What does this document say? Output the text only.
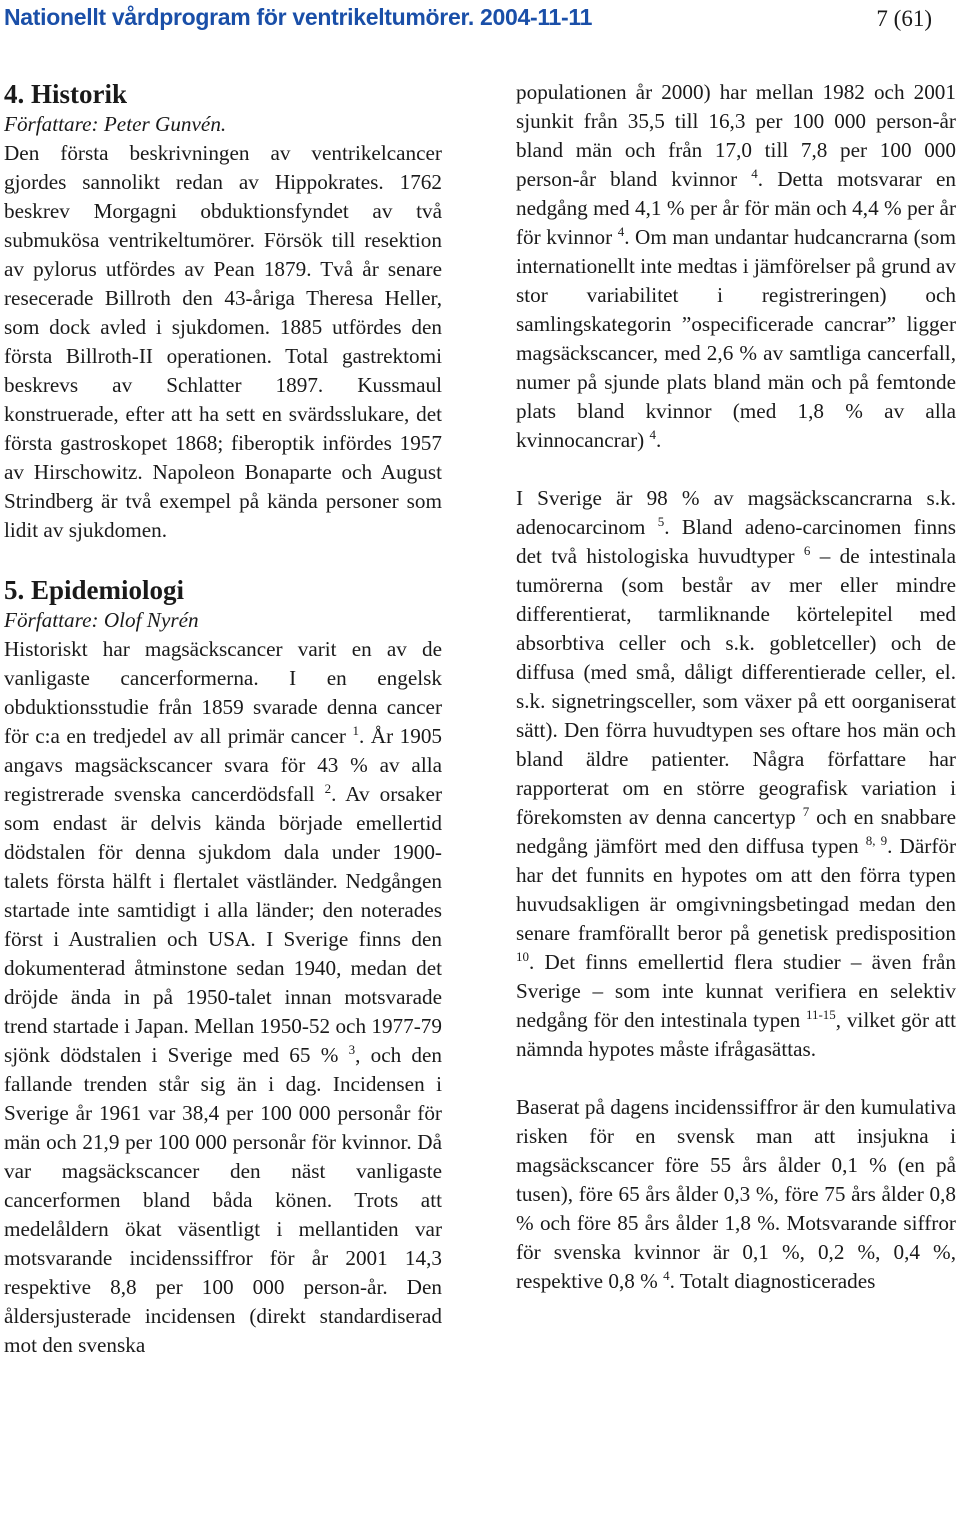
Nationellt vårdprogram för ventrikeltumörer. 2004-11-11	7 (61)

4. Historik

Författare: Peter Gunvén.

Den första beskrivningen av ventrikelcancer gjordes sannolikt redan av Hippokrates. 1762 beskrev Morgagni obduktionsfyndet av två submukösa ventrikeltumörer. Försök till resektion av pylorus utfördes av Pean 1879. Två år senare resecerade Billroth den 43-åriga Theresa Heller, som dock avled i sjukdomen. 1885 utfördes den första Billroth-II operationen. Total gastrektomi beskrevs av Schlatter 1897. Kussmaul konstruerade, efter att ha sett en svärdsslukare, det första gastroskopet 1868; fiberoptik infördes 1957 av Hirschowitz. Napoleon Bonaparte och August Strindberg är två exempel på kända personer som lidit av sjukdomen.

5. Epidemiologi

Författare: Olof Nyrén

Historiskt har magsäckscancer varit en av de vanligaste cancerformerna. I en engelsk obduktionsstudie från 1859 svarade denna cancer för c:a en tredjedel av all primär cancer $^1$. År 1905 angavs magsäckscancer svara för 43 % av alla registrerade svenska cancerdödsfall $^2$. Av orsaker som endast är delvis kända började emellertid dödstalen för denna sjukdom dala under 1900-talets första hälft i flertalet västländer. Nedgången startade inte samtidigt i alla länder; den noterades först i Australien och USA. I Sverige finns den dokumenterad åtminstone sedan 1940, medan det dröjde ända in på 1950-talet innan motsvarade trend startade i Japan. Mellan 1950-52 och 1977-79 sjönk dödstalen i Sverige med 65 % $^3$, och den fallande trenden står sig än i dag. Incidensen i Sverige år 1961 var 38,4 per 100 000 personår för män och 21,9 per 100 000 personår för kvinnor. Då var magsäckscancer den näst vanligaste cancerformen bland båda könen. Trots att medelåldern ökat väsentligt i mellantiden var motsvarande incidenssiffror för år 2001 14,3 respektive 8,8 per 100 000 person-år. Den åldersjusterade incidensen (direkt standardiserad mot den svenska

populationen år 2000) har mellan 1982 och 2001 sjunkit från 35,5 till 16,3 per 100 000 person-år bland män och från 17,0 till 7,8 per 100 000 person-år bland kvinnor $^4$. Detta motsvarar en nedgång med 4,1 % per år för män och 4,4 % per år för kvinnor $^4$. Om man undantar hudcancrarna (som internationellt inte medtas i jämförelser på grund av stor variabilitet i registreringen) och samlingskategorin ”ospecificerade cancrar” ligger magsäckscancer, med 2,6 % av samtliga cancerfall, numer på sjunde plats bland män och på femtonde plats bland kvinnor (med 1,8 % av alla kvinnocancrar) $^4$.

I Sverige är 98 % av magsäckscancrarna s.k. adenocarcinom $^5$. Bland adeno-carcinomen finns det två histologiska huvudtyper $^6$ – de intestinala tumörerna (som består av mer eller mindre differentierat, tarmliknande körtelepitel med absorbtiva celler och s.k. gobletceller) och de diffusa (med små, dåligt differentierade celler, el. s.k. signetringsceller, som växer på ett oorganiserat sätt). Den förra huvudtypen ses oftare hos män och bland äldre patienter. Några författare har rapporterat om en större geografisk variation i förekomsten av denna cancertyp $^7$ och en snabbare nedgång jämfört med den diffusa typen $^{8, 9}$. Därför har det funnits en hypotes om att den förra typen huvudsakligen är omgivningsbetingad medan den senare framförallt beror på genetisk predisposition $^{10}$. Det finns emellertid flera studier – även från Sverige – som inte kunnat verifiera en selektiv nedgång för den intestinala typen $^{11-15}$, vilket gör att nämnda hypotes måste ifrågasättas.

Baserat på dagens incidenssiffror är den kumulativa risken för en svensk man att insjukna i magsäckscancer före 55 års ålder 0,1 % (en på tusen), före 65 års ålder 0,3 %, före 75 års ålder 0,8 % och före 85 års ålder 1,8 %. Motsvarande siffror för svenska kvinnor är 0,1 %, 0,2 %, 0,4 %, respektive 0,8 % $^4$. Totalt diagnosticerades
